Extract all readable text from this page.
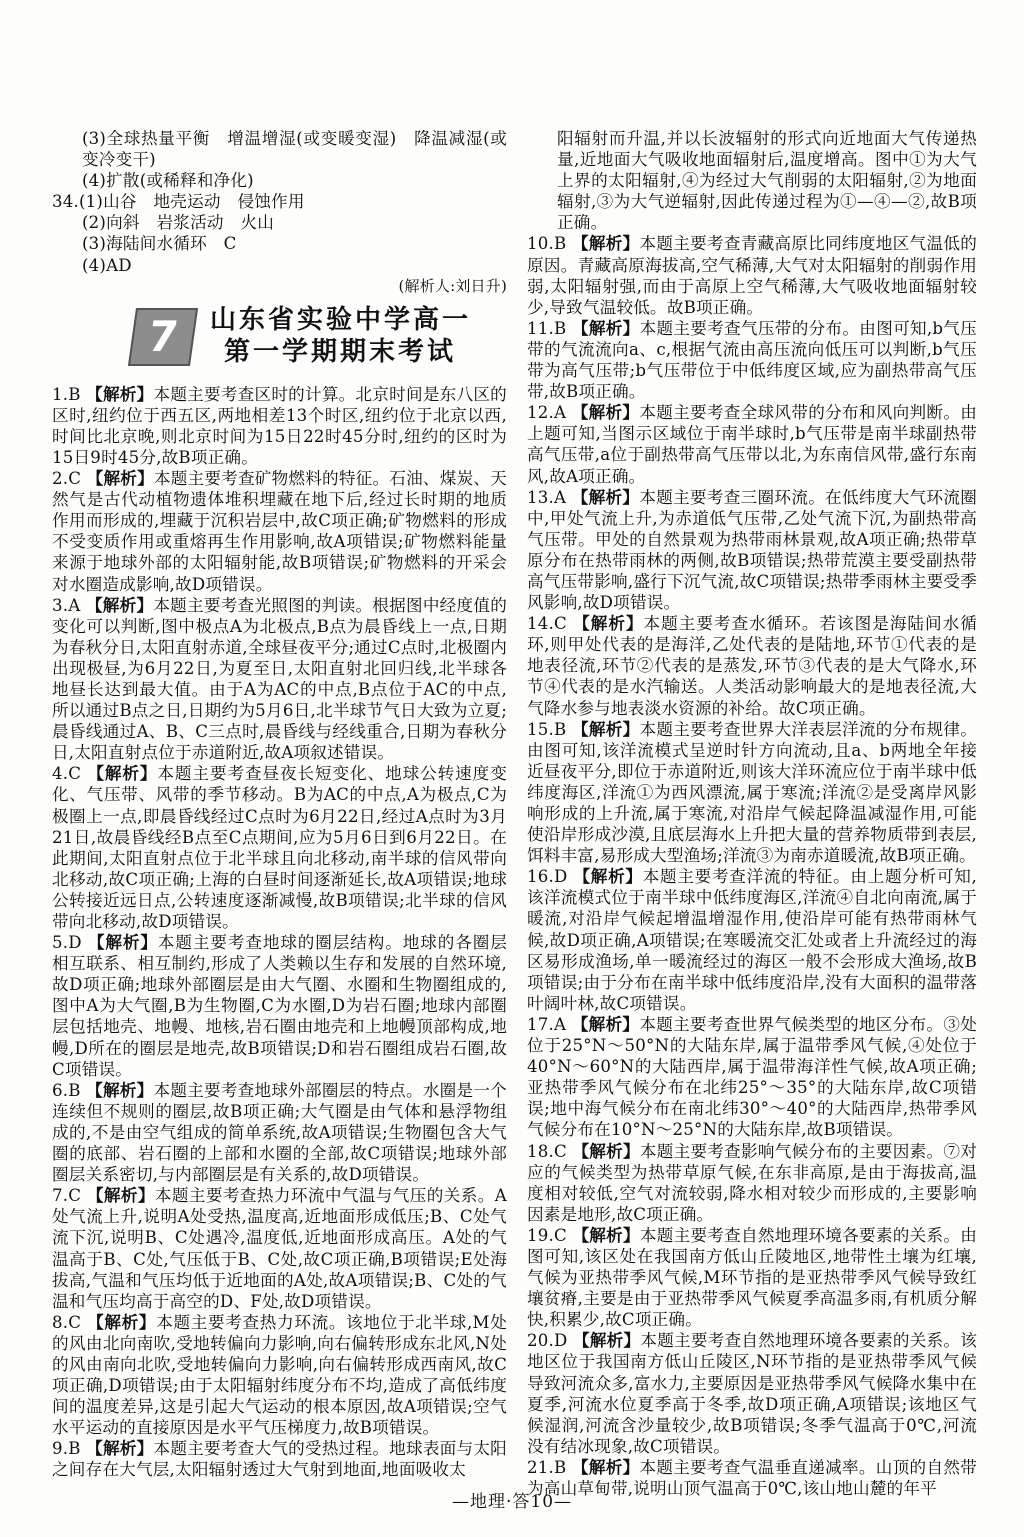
(3)全球热量平衡　增温增湿(或变暖变湿)　降温减湿(或变冷变干)

(4)扩散(或稀释和净化)

34.(1)山谷　地壳运动　侵蚀作用

(2)向斜　岩浆活动　火山

(3)海陆间水循环　C

(4)AD

(解析人:刘日升)

7	山东省实验中学高一
第一学期期末考试

1.B 【解析】本题主要考查区时的计算。北京时间是东八区的区时,纽约位于西五区,两地相差13个时区,纽约位于北京以西,时间比北京晚,则北京时间为15日22时45分时,纽约的区时为15日9时45分,故B项正确。

2.C 【解析】本题主要考查矿物燃料的特征。石油、煤炭、天然气是古代动植物遗体堆积埋藏在地下后,经过长时期的地质作用而形成的,埋藏于沉积岩层中,故C项正确;矿物燃料的形成不受变质作用或重熔再生作用影响,故A项错误;矿物燃料能量来源于地球外部的太阳辐射能,故B项错误;矿物燃料的开采会对水圈造成影响,故D项错误。

3.A 【解析】本题主要考查光照图的判读。根据图中经度值的变化可以判断,图中极点A为北极点,B点为晨昏线上一点,日期为春秋分日,太阳直射赤道,全球昼夜平分;通过C点时,北极圈内出现极昼,为6月22日,为夏至日,太阳直射北回归线,北半球各地昼长达到最大值。由于A为AC的中点,B点位于AC的中点,所以通过B点之日,日期约为5月6日,北半球节气日大致为立夏;晨昏线通过A、B、C三点时,晨昏线与经线重合,日期为春秋分日,太阳直射点位于赤道附近,故A项叙述错误。

4.C 【解析】本题主要考查昼夜长短变化、地球公转速度变化、气压带、风带的季节移动。B为AC的中点,A为极点,C为极圈上一点,即晨昏线经过C点时为6月22日,经过A点时为3月21日,故晨昏线经B点至C点期间,应为5月6日到6月22日。在此期间,太阳直射点位于北半球且向北移动,南半球的信风带向北移动,故C项正确;上海的白昼时间逐渐延长,故A项错误;地球公转接近远日点,公转速度逐渐减慢,故B项错误;北半球的信风带向北移动,故D项错误。

5.D 【解析】本题主要考查地球的圈层结构。地球的各圈层相互联系、相互制约,形成了人类赖以生存和发展的自然环境,故D项正确;地球外部圈层是由大气圈、水圈和生物圈组成的,图中A为大气圈,B为生物圈,C为水圈,D为岩石圈;地球内部圈层包括地壳、地幔、地核,岩石圈由地壳和上地幔顶部构成,地幔,D所在的圈层是地壳,故B项错误;D和岩石圈组成岩石圈,故C项错误。

6.B 【解析】本题主要考查地球外部圈层的特点。水圈是一个连续但不规则的圈层,故B项正确;大气圈是由气体和悬浮物组成的,不是由空气组成的简单系统,故A项错误;生物圈包含大气圈的底部、岩石圈的上部和水圈的全部,故C项错误;地球外部圈层关系密切,与内部圈层是有关系的,故D项错误。

7.C 【解析】本题主要考查热力环流中气温与气压的关系。A处气流上升,说明A处受热,温度高,近地面形成低压;B、C处气流下沉,说明B、C处遇冷,温度低,近地面形成高压。A处的气温高于B、C处,气压低于B、C处,故C项正确,B项错误;E处海拔高,气温和气压均低于近地面的A处,故A项错误;B、C处的气温和气压均高于高空的D、F处,故D项错误。

8.C 【解析】本题主要考查热力环流。该地位于北半球,M处的风由北向南吹,受地转偏向力影响,向右偏转形成东北风,N处的风由南向北吹,受地转偏向力影响,向右偏转形成西南风,故C项正确,D项错误;由于太阳辐射纬度分布不均,造成了高低纬度间的温度差异,这是引起大气运动的根本原因,故A项错误;空气水平运动的直接原因是水平气压梯度力,故B项错误。

9.B 【解析】本题主要考查大气的受热过程。地球表面与太阳之间存在大气层,太阳辐射透过大气射到地面,地面吸收太

阳辐射而升温,并以长波辐射的形式向近地面大气传递热量,近地面大气吸收地面辐射后,温度增高。图中①为大气上界的太阳辐射,④为经过大气削弱的太阳辐射,②为地面辐射,③为大气逆辐射,因此传递过程为①—④—②,故B项正确。

10.B 【解析】本题主要考查青藏高原比同纬度地区气温低的原因。青藏高原海拔高,空气稀薄,大气对太阳辐射的削弱作用弱,太阳辐射强,而由于高原上空气稀薄,大气吸收地面辐射较少,导致气温较低。故B项正确。

11.B 【解析】本题主要考查气压带的分布。由图可知,b气压带的气流流向a、c,根据气流由高压流向低压可以判断,b气压带为高气压带;b气压带位于中低纬度区域,应为副热带高气压带,故B项正确。

12.A 【解析】本题主要考查全球风带的分布和风向判断。由上题可知,当图示区域位于南半球时,b气压带是南半球副热带高气压带,a位于副热带高气压带以北,为东南信风带,盛行东南风,故A项正确。

13.A 【解析】本题主要考查三圈环流。在低纬度大气环流圈中,甲处气流上升,为赤道低气压带,乙处气流下沉,为副热带高气压带。甲处的自然景观为热带雨林景观,故A项正确;热带草原分布在热带雨林的两侧,故B项错误;热带荒漠主要受副热带高气压带影响,盛行下沉气流,故C项错误;热带季雨林主要受季风影响,故D项错误。

14.C 【解析】本题主要考查水循环。若该图是海陆间水循环,则甲处代表的是海洋,乙处代表的是陆地,环节①代表的是地表径流,环节②代表的是蒸发,环节③代表的是大气降水,环节④代表的是水汽输送。人类活动影响最大的是地表径流,大气降水参与地表淡水资源的补给。故C项正确。

15.B 【解析】本题主要考查世界大洋表层洋流的分布规律。由图可知,该洋流模式呈逆时针方向流动,且a、b两地全年接近昼夜平分,即位于赤道附近,则该大洋环流应位于南半球中低纬度海区,洋流①为西风漂流,属于寒流;洋流②是受离岸风影响形成的上升流,属于寒流,对沿岸气候起降温减湿作用,可能使沿岸形成沙漠,且底层海水上升把大量的营养物质带到表层,饵料丰富,易形成大型渔场;洋流③为南赤道暖流,故B项正确。

16.D 【解析】本题主要考查洋流的特征。由上题分析可知,该洋流模式位于南半球中低纬度海区,洋流④自北向南流,属于暖流,对沿岸气候起增温增湿作用,使沿岸可能有热带雨林气候,故D项正确,A项错误;在寒暖流交汇处或者上升流经过的海区易形成渔场,单一暖流经过的海区一般不会形成大渔场,故B项错误;由于分布在南半球中低纬度沿岸,没有大面积的温带落叶阔叶林,故C项错误。

17.A 【解析】本题主要考查世界气候类型的地区分布。③处位于25°N～50°N的大陆东岸,属于温带季风气候,④处位于40°N～60°N的大陆西岸,属于温带海洋性气候,故A项正确;亚热带季风气候分布在北纬25°～35°的大陆东岸,故C项错误;地中海气候分布在南北纬30°～40°的大陆西岸,热带季风气候分布在10°N～25°N的大陆东岸,故B项错误。

18.C 【解析】本题主要考查影响气候分布的主要因素。⑦对应的气候类型为热带草原气候,在东非高原,是由于海拔高,温度相对较低,空气对流较弱,降水相对较少而形成的,主要影响因素是地形,故C项正确。

19.C 【解析】本题主要考查自然地理环境各要素的关系。由图可知,该区处在我国南方低山丘陵地区,地带性土壤为红壤,气候为亚热带季风气候,M环节指的是亚热带季风气候导致红壤贫瘠,主要是由于亚热带季风气候夏季高温多雨,有机质分解快,积累少,故C项正确。

20.D 【解析】本题主要考查自然地理环境各要素的关系。该地区位于我国南方低山丘陵区,N环节指的是亚热带季风气候导致河流众多,富水力,主要原因是亚热带季风气候降水集中在夏季,河流水位夏季高于冬季,故D项正确,A项错误;该地区气候湿润,河流含沙量较少,故B项错误;冬季气温高于0℃,河流没有结冰现象,故C项错误。

21.B 【解析】本题主要考查气温垂直递减率。山顶的自然带为高山草甸带,说明山顶气温高于0℃,该山地山麓的年平

—地理·答10—
